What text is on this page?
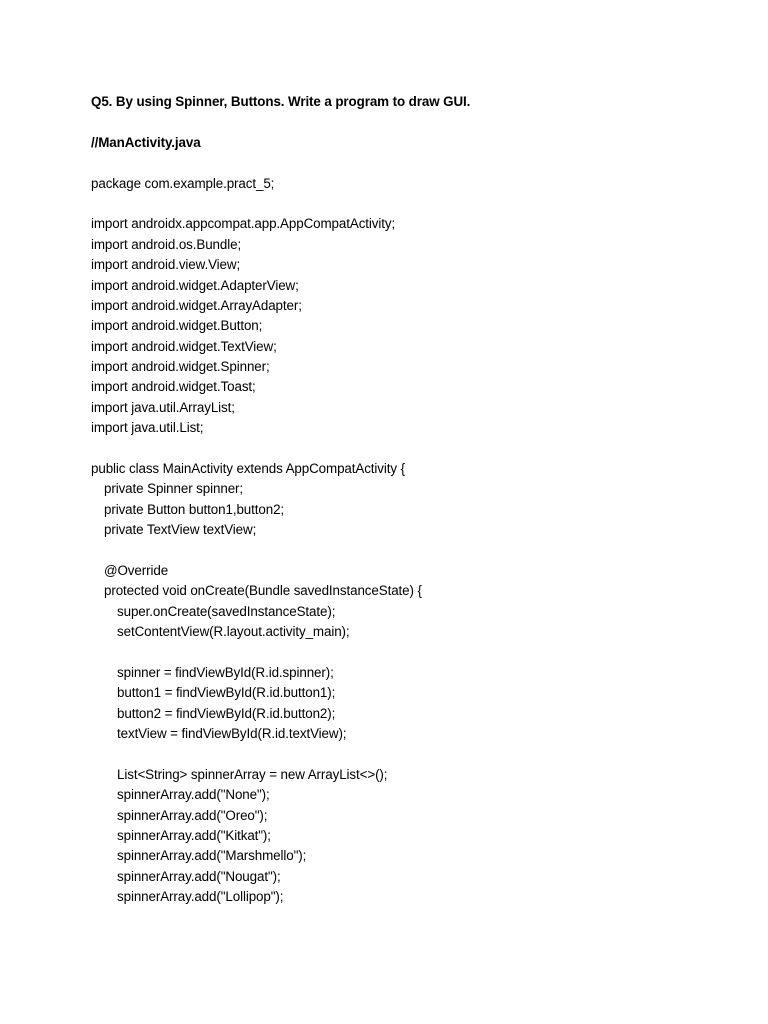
Q5. By using Spinner, Buttons. Write a program to draw GUI.
//ManActivity.java
package com.example.pract_5;
import androidx.appcompat.app.AppCompatActivity;
import android.os.Bundle;
import android.view.View;
import android.widget.AdapterView;
import android.widget.ArrayAdapter;
import android.widget.Button;
import android.widget.TextView;
import android.widget.Spinner;
import android.widget.Toast;
import java.util.ArrayList;
import java.util.List;
public class MainActivity extends AppCompatActivity {
private Spinner spinner;
private Button button1,button2;
private TextView textView;
@Override
protected void onCreate(Bundle savedInstanceState) {
super.onCreate(savedInstanceState);
setContentView(R.layout.activity_main);
spinner = findViewById(R.id.spinner);
button1 = findViewById(R.id.button1);
button2 = findViewById(R.id.button2);
textView = findViewById(R.id.textView);
List<String> spinnerArray = new ArrayList<>();
spinnerArray.add("None");
spinnerArray.add("Oreo");
spinnerArray.add("Kitkat");
spinnerArray.add("Marshmello");
spinnerArray.add("Nougat");
spinnerArray.add("Lollipop");
